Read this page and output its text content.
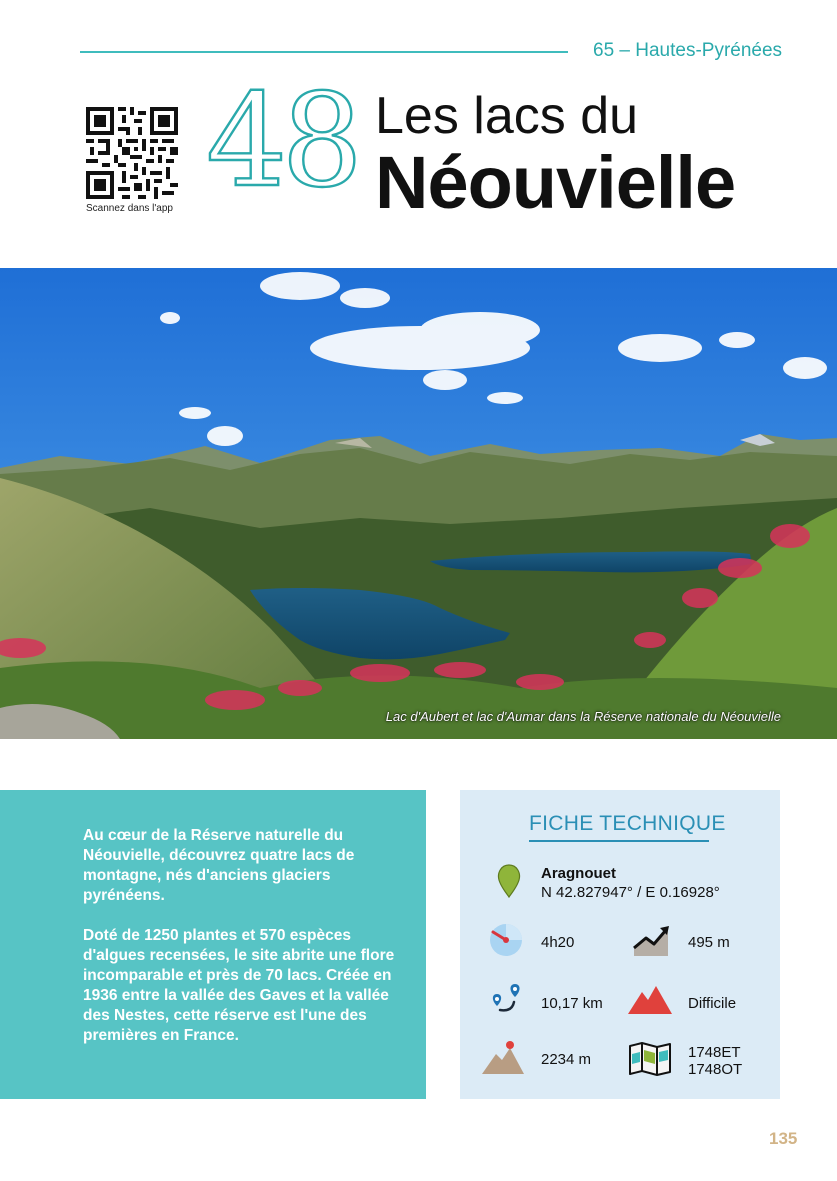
65 – Hautes-Pyrénées
Scannez dans l'app 48 Les lacs du
Néouvielle
Lac d'Aubert et lac d'Aumar dans la Réserve nationale du Néouvielle

Au cœur de la Réserve naturelle du Néouvielle, découvrez quatre lacs de montagne, nés d'anciens glaciers pyrénéens.

Doté de 1250 plantes et 570 espèces d'algues recensées, le site abrite une flore incomparable et près de 70 lacs. Créée en 1936 entre la vallée des Gaves et la vallée des Nestes, cette réserve est l'une des premières en France.

FICHE TECHNIQUE
Aragnouet
N 42.827947° / E 0.16928°
4h20	495 m
10,17 km	Difficile
2234 m	1748ET
1748OT
135
